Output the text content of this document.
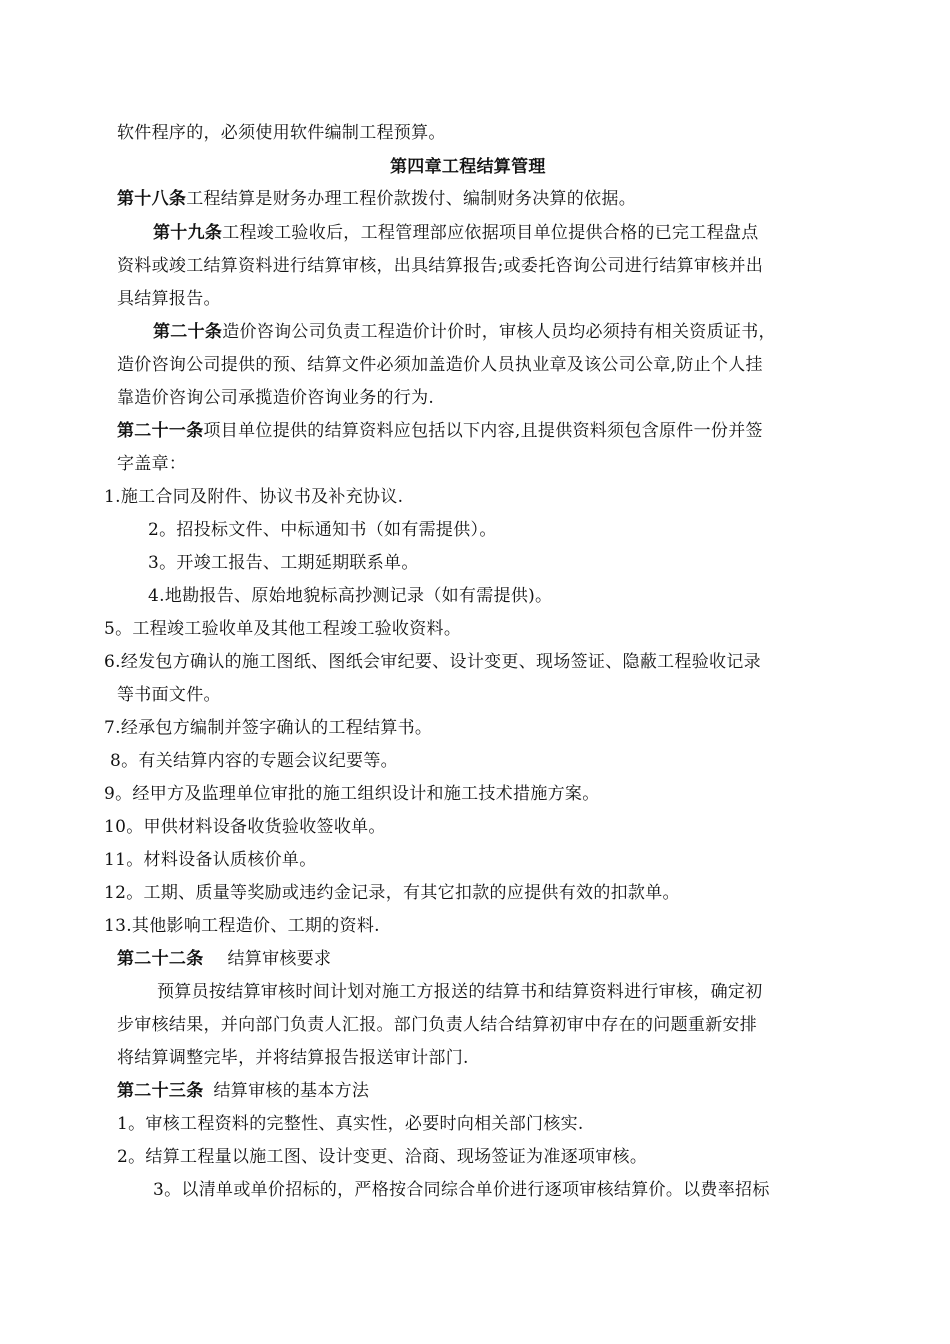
软件程序的，必须使用软件编制工程预算。
第四章工程结算管理
第十八条工程结算是财务办理工程价款拨付、编制财务决算的依据。
第十九条工程竣工验收后，工程管理部应依据项目单位提供合格的已完工程盘点
资料或竣工结算资料进行结算审核，出具结算报告;或委托咨询公司进行结算审核并出
具结算报告。
第二十条造价咨询公司负责工程造价计价时，审核人员均必须持有相关资质证书，
造价咨询公司提供的预、结算文件必须加盖造价人员执业章及该公司公章,防止个人挂
靠造价咨询公司承揽造价咨询业务的行为.
第二十一条项目单位提供的结算资料应包括以下内容,且提供资料须包含原件一份并签
字盖章：
1.施工合同及附件、协议书及补充协议.
2。招投标文件、中标通知书（如有需提供）。
3。开竣工报告、工期延期联系单。
4.地勘报告、原始地貌标高抄测记录（如有需提供)。
5。工程竣工验收单及其他工程竣工验收资料。
6.经发包方确认的施工图纸、图纸会审纪要、设计变更、现场签证、隐蔽工程验收记录
等书面文件。
7.经承包方编制并签字确认的工程结算书。
8。有关结算内容的专题会议纪要等。
9。经甲方及监理单位审批的施工组织设计和施工技术措施方案。
10。甲供材料设备收货验收签收单。
11。材料设备认质核价单。
12。工期、质量等奖励或违约金记录，有其它扣款的应提供有效的扣款单。
13.其他影响工程造价、工期的资料.
第二十二条 结算审核要求
预算员按结算审核时间计划对施工方报送的结算书和结算资料进行审核，确定初
步审核结果，并向部门负责人汇报。部门负责人结合结算初审中存在的问题重新安排
将结算调整完毕，并将结算报告报送审计部门.
第二十三条 结算审核的基本方法
1。审核工程资料的完整性、真实性，必要时向相关部门核实.
2。结算工程量以施工图、设计变更、洽商、现场签证为准逐项审核。
3。以清单或单价招标的，严格按合同综合单价进行逐项审核结算价。以费率招标
